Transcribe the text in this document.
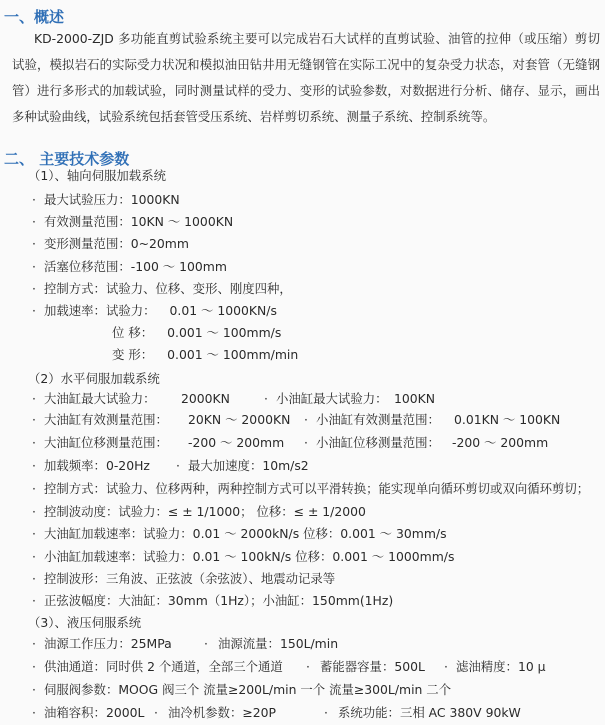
一、概述
KD-2000-ZJD 多功能直剪试验系统主要可以完成岩石大试样的直剪试验、油管的拉伸（或压缩）剪切试验，模拟岩石的实际受力状况和模拟油田钻井用无缝钢管在实际工况中的复杂受力状态，对套管（无缝钢管）进行多形式的加载试验，同时测量试样的受力、变形的试验参数，对数据进行分析、储存、显示，画出多种试验曲线，试验系统包括套管受压系统、岩样剪切系统、测量子系统、控制系统等。
二、 主要技术参数
（1）、轴向伺服加载系统
· 最大试验压力：1000KN
· 有效测量范围：10KN ～ 1000KN
· 变形测量范围：0~20mm
· 活塞位移范围：-100 ～ 100mm
· 控制方式：试验力、位移、变形、刚度四种，
· 加载速率：试验力： 0.01 ～ 1000KN/s
位 移： 0.001 ～ 100mm/s
变 形： 0.001 ～ 100mm/min
（2）水平伺服加载系统
· 大油缸最大试验力： 2000KN	· 小油缸最大试验力： 100KN
· 大油缸有效测量范围： 20KN ～ 2000KN · 小油缸有效测量范围： 0.01KN ～ 100KN
· 大油缸位移测量范围： -200 ～ 200mm · 小油缸位移测量范围： -200 ～ 200mm
· 加载频率：0-20Hz · 最大加速度：10m/s2
· 控制方式：试验力、位移两种，两种控制方式可以平滑转换；能实现单向循环剪切或双向循环剪切；
· 控制波动度：试验力：≤ ± 1/1000； 位移：≤ ± 1/2000
· 大油缸加载速率：试验力：0.01 ～ 2000kN/s 位移：0.001 ～ 30mm/s
· 小油缸加载速率：试验力：0.01 ～ 100kN/s 位移：0.001 ～ 1000mm/s
· 控制波形：三角波、正弦波（余弦波）、地震动记录等
· 正弦波幅度：大油缸：30mm（1Hz）；小油缸：150mm(1Hz)
（3）、液压伺服系统
· 油源工作压力：25MPa	· 油源流量：150L/min
· 供油通道：同时供 2 个通道，全部三个通道 · 蓄能器容量：500L · 滤油精度：10 μ
· 伺服阀参数：MOOG 阀三个 流量≥200L/min 一个 流量≥300L/min 二个
· 油箱容积：2000L · 油冷机参数：≥20P	· 系统功能：三相 AC 380V 90kW
